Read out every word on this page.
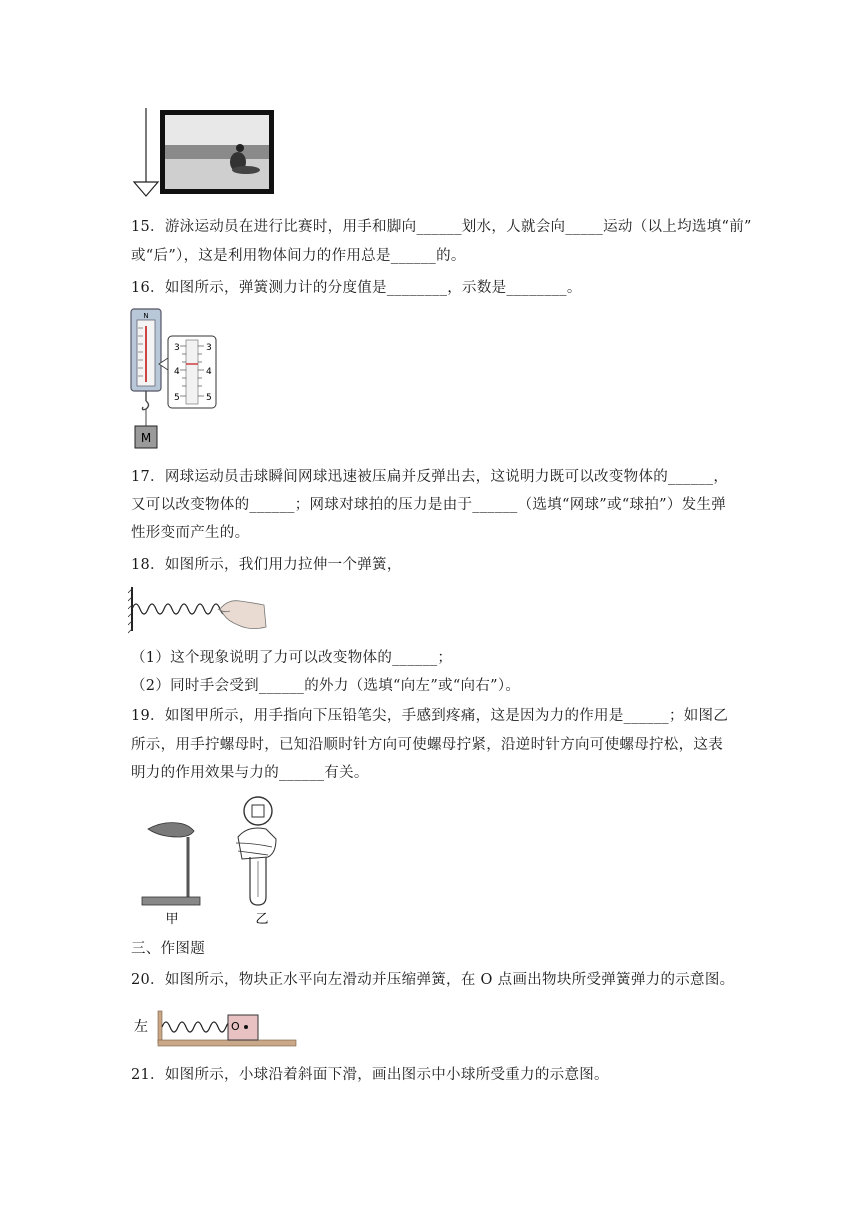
15．游泳运动员在进行比赛时，用手和脚向______划水，人就会向_____运动（以上均选填“前”
或“后”），这是利用物体间力的作用总是______的。
16．如图所示，弹簧测力计的分度值是________，示数是________。
N
M
3	3
4	4
5	5
17．网球运动员击球瞬间网球迅速被压扁并反弹出去，这说明力既可以改变物体的______，
又可以改变物体的______；网球对球拍的压力是由于______（选填“网球”或“球拍”）发生弹
性形变而产生的。
18．如图所示，我们用力拉伸一个弹簧，
（1）这个现象说明了力可以改变物体的______；
（2）同时手会受到______的外力（选填“向左”或“向右”）。
19．如图甲所示，用手指向下压铅笔尖，手感到疼痛，这是因为力的作用是______；如图乙
所示，用手拧螺母时，已知沿顺时针方向可使螺母拧紧，沿逆时针方向可使螺母拧松，这表
明力的作用效果与力的______有关。
甲	乙
三、作图题
20．如图所示，物块正水平向左滑动并压缩弹簧，在 O 点画出物块所受弹簧弹力的示意图。
左	O
21．如图所示，小球沿着斜面下滑，画出图示中小球所受重力的示意图。
